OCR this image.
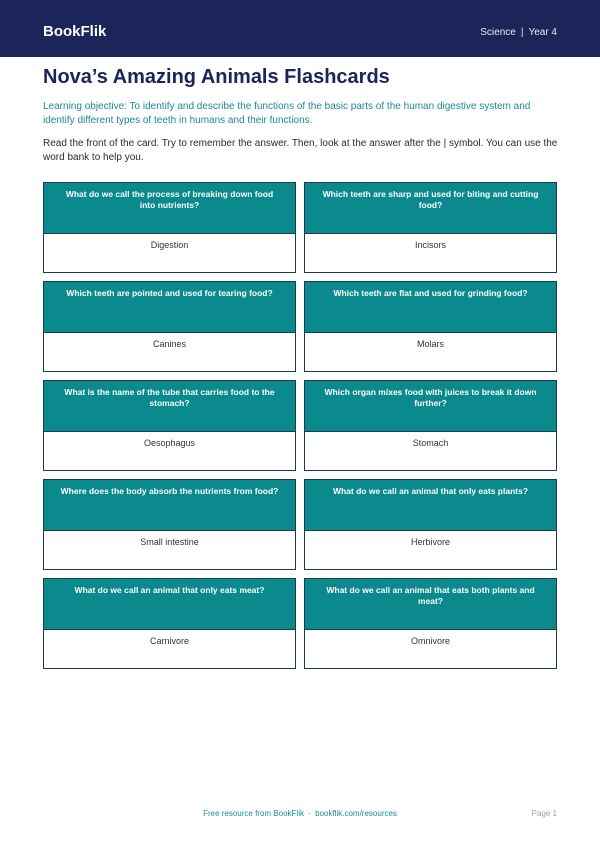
BookFlik	Science | Year 4
Nova’s Amazing Animals Flashcards

Learning objective: To identify and describe the functions of the basic parts of the human digestive system and identify different types of teeth in humans and their functions.

Read the front of the card. Try to remember the answer. Then, look at the answer after the | symbol. You can use the word bank to help you.

What do we call the process of breaking down food into nutrients?
Digestion
Which teeth are sharp and used for biting and cutting food?
Incisors
Which teeth are pointed and used for tearing food?
Canines
Which teeth are flat and used for grinding food?
Molars
What is the name of the tube that carries food to the stomach?
Oesophagus
Which organ mixes food with juices to break it down further?
Stomach
Where does the body absorb the nutrients from food?
Small intestine
What do we call an animal that only eats plants?
Herbivore
What do we call an animal that only eats meat?
Carnivore
What do we call an animal that eats both plants and meat?
Omnivore
Free resource from BookFlik · bookflik.com/resources	Page 1
